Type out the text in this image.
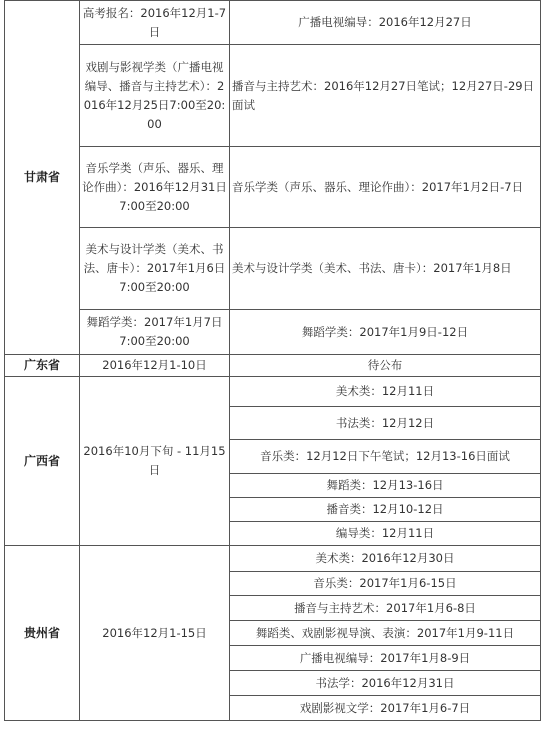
甘肃省	高考报名：2016年12月1-7日	广播电视编导：2016年12月27日
	戏剧与影视学类（广播电视编导、播音与主持艺术）：2016年12月25日7:00至20:00	播音与主持艺术：2016年12月27日笔试；12月27日-29日面试
	音乐学类（声乐、器乐、理论作曲）：2016年12月31日7:00至20:00	音乐学类（声乐、器乐、理论作曲）：2017年1月2日-7日
	美术与设计学类（美术、书法、唐卡）：2017年1月6日7:00至20:00	美术与设计学类（美术、书法、唐卡）：2017年1月8日
	舞蹈学类：2017年1月7日7:00至20:00	舞蹈学类：2017年1月9日-12日
广东省	2016年12月1-10日	待公布
广西省	2016年10月下旬 - 11月15日	美术类：12月11日
		书法类：12月12日
		音乐类：12月12日下午笔试；12月13-16日面试
		舞蹈类：12月13-16日
		播音类：12月10-12日
		编导类：12月11日
贵州省	2016年12月1-15日	美术类：2016年12月30日
		音乐类：2017年1月6-15日
		播音与主持艺术：2017年1月6-8日
		舞蹈类、戏剧影视导演、表演：2017年1月9-11日
		广播电视编导：2017年1月8-9日
		书法学：2016年12月31日
		戏剧影视文学：2017年1月6-7日
